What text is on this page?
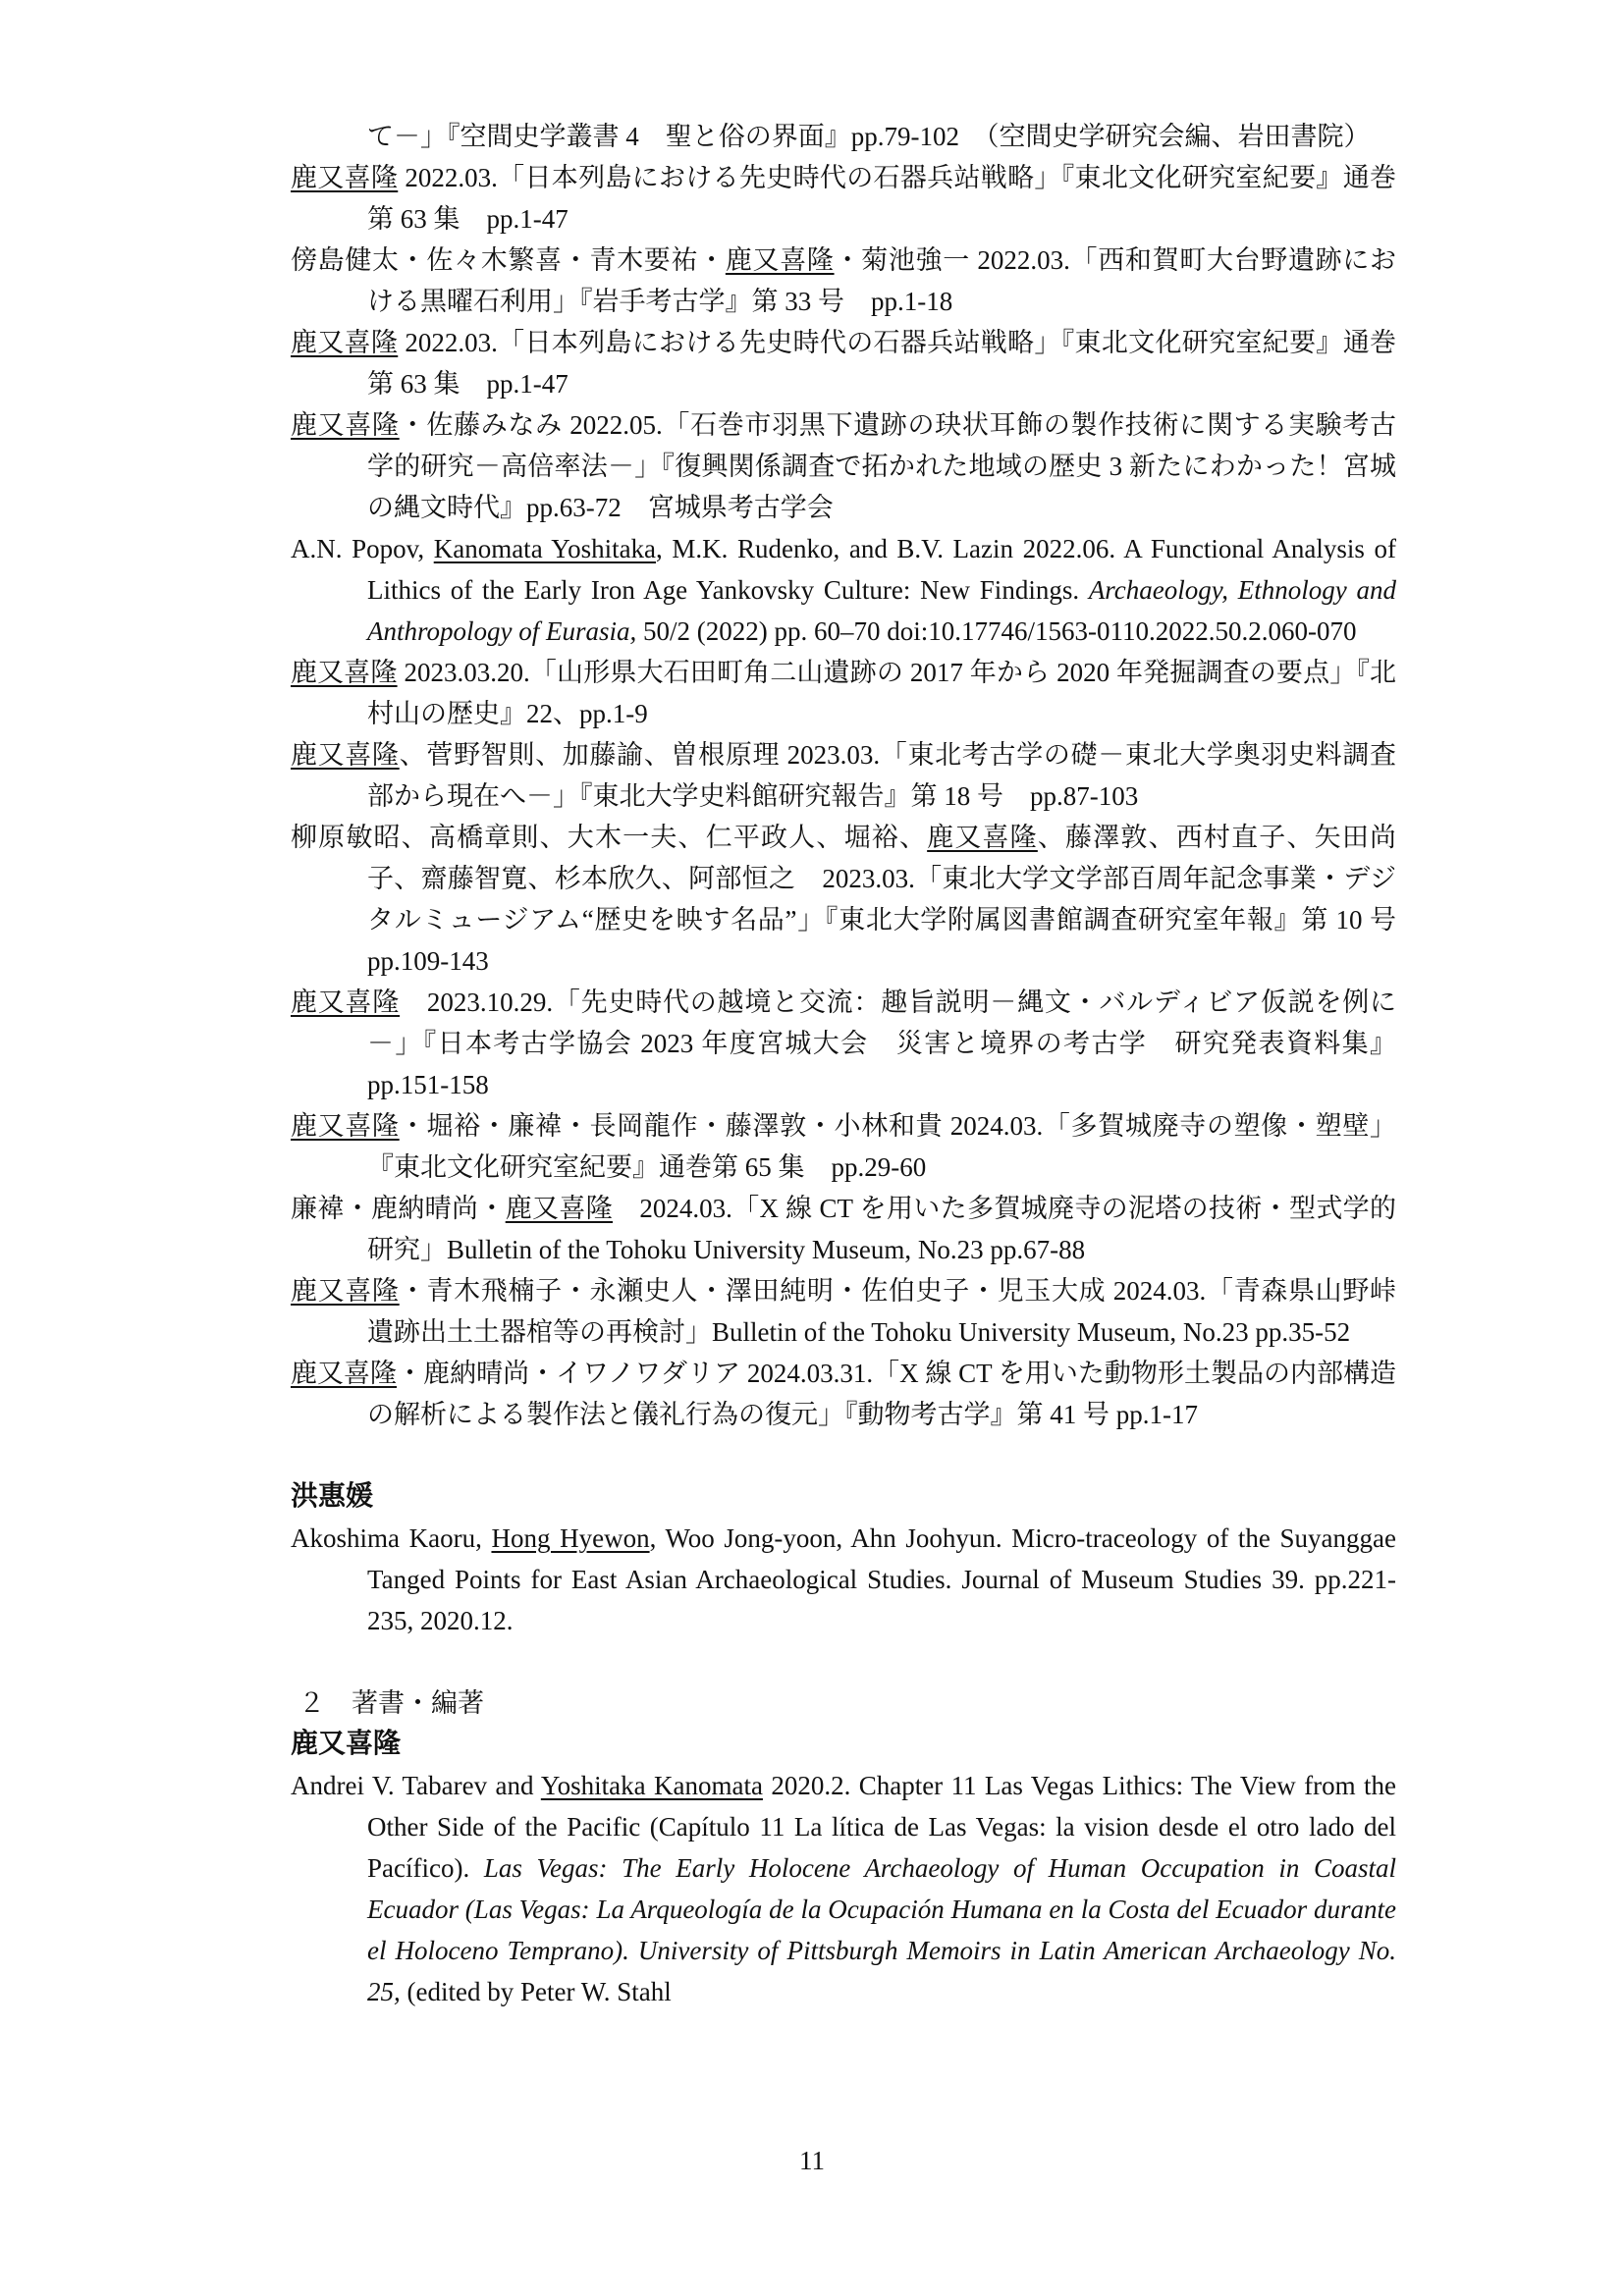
て－」『空間史学叢書 4　聖と俗の界面』pp.79-102　（空間史学研究会編、岩田書院）
鹿又喜隆 2022.03.「日本列島における先史時代の石器兵站戦略」『東北文化研究室紀要』通巻第 63 集　pp.1-47
傍島健太・佐々木繁喜・青木要祐・鹿又喜隆・菊池強一 2022.03.「西和賀町大台野遺跡における黒曜石利用」『岩手考古学』第 33 号　pp.1-18
鹿又喜隆 2022.03.「日本列島における先史時代の石器兵站戦略」『東北文化研究室紀要』通巻第 63 集　pp.1-47
鹿又喜隆・佐藤みなみ 2022.05.「石巻市羽黒下遺跡の玦状耳飾の製作技術に関する実験考古学的研究－高倍率法－」『復興関係調査で拓かれた地域の歴史 3 新たにわかった！宮城の縄文時代』pp.63-72　宮城県考古学会
A.N. Popov, Kanomata Yoshitaka, M.K. Rudenko, and B.V. Lazin 2022.06. A Functional Analysis of Lithics of the Early Iron Age Yankovsky Culture: New Findings. Archaeology, Ethnology and Anthropology of Eurasia, 50/2 (2022) pp. 60–70 doi:10.17746/1563-0110.2022.50.2.060-070
鹿又喜隆 2023.03.20.「山形県大石田町角二山遺跡の 2017 年から 2020 年発掘調査の要点」『北村山の歴史』22、pp.1-9
鹿又喜隆、菅野智則、加藤諭、曽根原理 2023.03.「東北考古学の礎－東北大学奥羽史料調査部から現在へ－」『東北大学史料館研究報告』第 18 号　pp.87-103
柳原敏昭、高橋章則、大木一夫、仁平政人、堀裕、鹿又喜隆、藤澤敦、西村直子、矢田尚子、齋藤智寛、杉本欣久、阿部恒之　2023.03.「東北大学文学部百周年記念事業・デジタルミュージアム“歴史を映す名品”」『東北大学附属図書館調査研究室年報』第 10 号　pp.109-143
鹿又喜隆　2023.10.29.「先史時代の越境と交流：趣旨説明－縄文・バルディビア仮説を例に－」『日本考古学協会 2023 年度宮城大会　災害と境界の考古学　研究発表資料集』pp.151-158
鹿又喜隆・堀裕・廉褘・長岡龍作・藤澤敦・小林和貴 2024.03.「多賀城廃寺の塑像・塑壁」『東北文化研究室紀要』通巻第 65 集　pp.29-60
廉褘・鹿納晴尚・鹿又喜隆　2024.03.「X 線 CT を用いた多賀城廃寺の泥塔の技術・型式学的研究」Bulletin of the Tohoku University Museum, No.23 pp.67-88
鹿又喜隆・青木飛楠子・永瀬史人・澤田純明・佐伯史子・児玉大成 2024.03.「青森県山野峠遺跡出土土器棺等の再検討」Bulletin of the Tohoku University Museum, No.23 pp.35-52
鹿又喜隆・鹿納晴尚・イワノワダリア 2024.03.31.「X 線 CT を用いた動物形土製品の内部構造の解析による製作法と儀礼行為の復元」『動物考古学』第 41 号 pp.1-17
洪惠媛
Akoshima Kaoru, Hong Hyewon, Woo Jong-yoon, Ahn Joohyun. Micro-traceology of the Suyanggae Tanged Points for East Asian Archaeological Studies. Journal of Museum Studies 39. pp.221-235, 2020.12.
２　著書・編著
鹿又喜隆
Andrei V. Tabarev and Yoshitaka Kanomata 2020.2. Chapter 11 Las Vegas Lithics: The View from the Other Side of the Pacific (Capítulo 11 La lítica de Las Vegas: la vision desde el otro lado del Pacífico). Las Vegas: The Early Holocene Archaeology of Human Occupation in Coastal Ecuador (Las Vegas: La Arqueología de la Ocupación Humana en la Costa del Ecuador durante el Holoceno Temprano). University of Pittsburgh Memoirs in Latin American Archaeology No. 25, (edited by Peter W. Stahl
11
